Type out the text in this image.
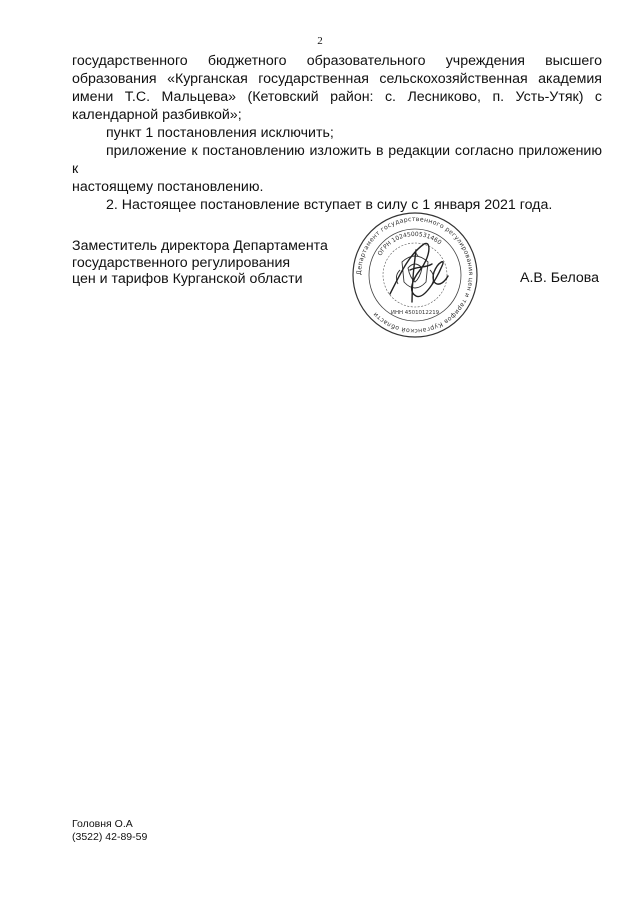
2

государственного бюджетного образовательного учреждения высшего

образования «Курганская государственная сельскохозяйственная академия

имени Т.С. Мальцева» (Кетовский район: с. Лесниково, п. Усть-Утяк) с

календарной разбивкой»;

пункт 1 постановления исключить;

приложение к постановлению изложить в редакции согласно приложению к

настоящему постановлению.

2. Настоящее постановление вступает в силу с 1 января 2021 года.

Заместитель директора Департамента
государственного регулирования
цен и тарифов Курганской области	Департамент государственного регулирования цен и тарифов Курганской области
ОГРН 1024500531460
ИНН 4501012219
А.В. Белова
Головня О.А
(3522) 42-89-59
